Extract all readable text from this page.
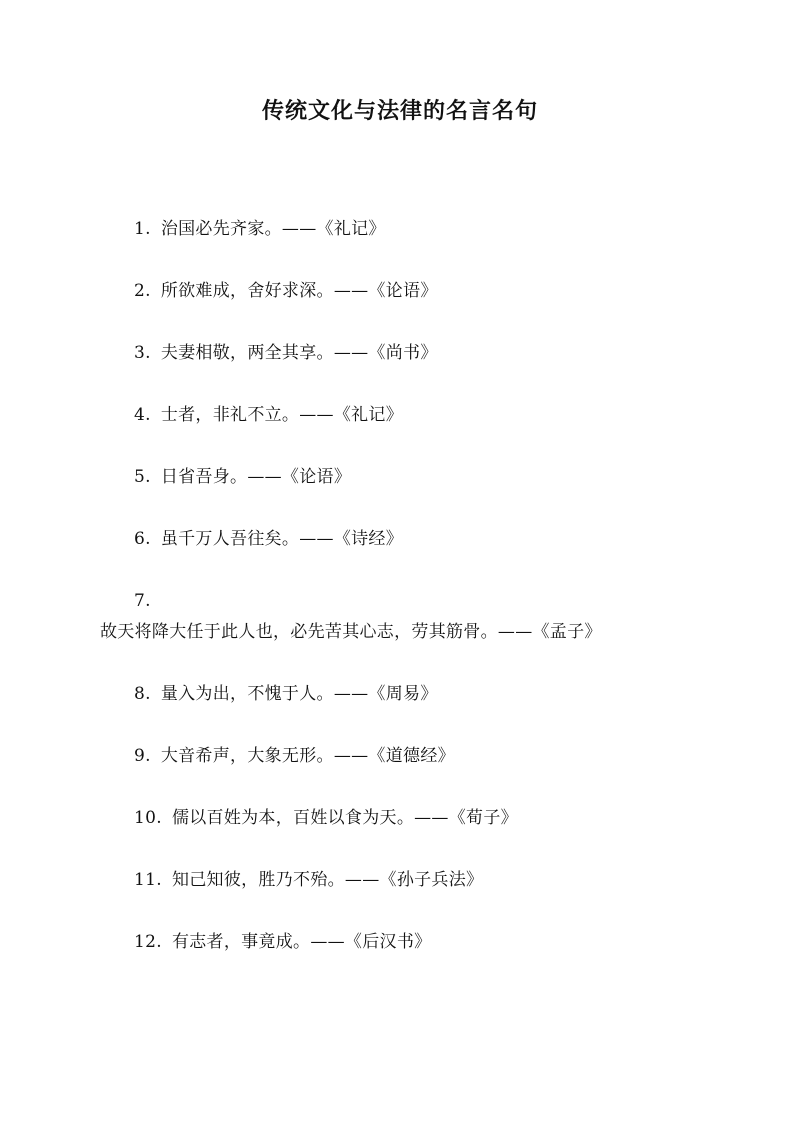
传统文化与法律的名言名句
1. 治国必先齐家。——《礼记》
2. 所欲难成，舍好求深。——《论语》
3. 夫妻相敬，两全其享。——《尚书》
4. 士者，非礼不立。——《礼记》
5. 日省吾身。——《论语》
6. 虽千万人吾往矣。——《诗经》
7.故天将降大任于此人也，必先苦其心志，劳其筋骨。——《孟子》
8. 量入为出，不愧于人。——《周易》
9. 大音希声，大象无形。——《道德经》
10. 儒以百姓为本，百姓以食为天。——《荀子》
11. 知己知彼，胜乃不殆。——《孙子兵法》
12. 有志者，事竟成。——《后汉书》
